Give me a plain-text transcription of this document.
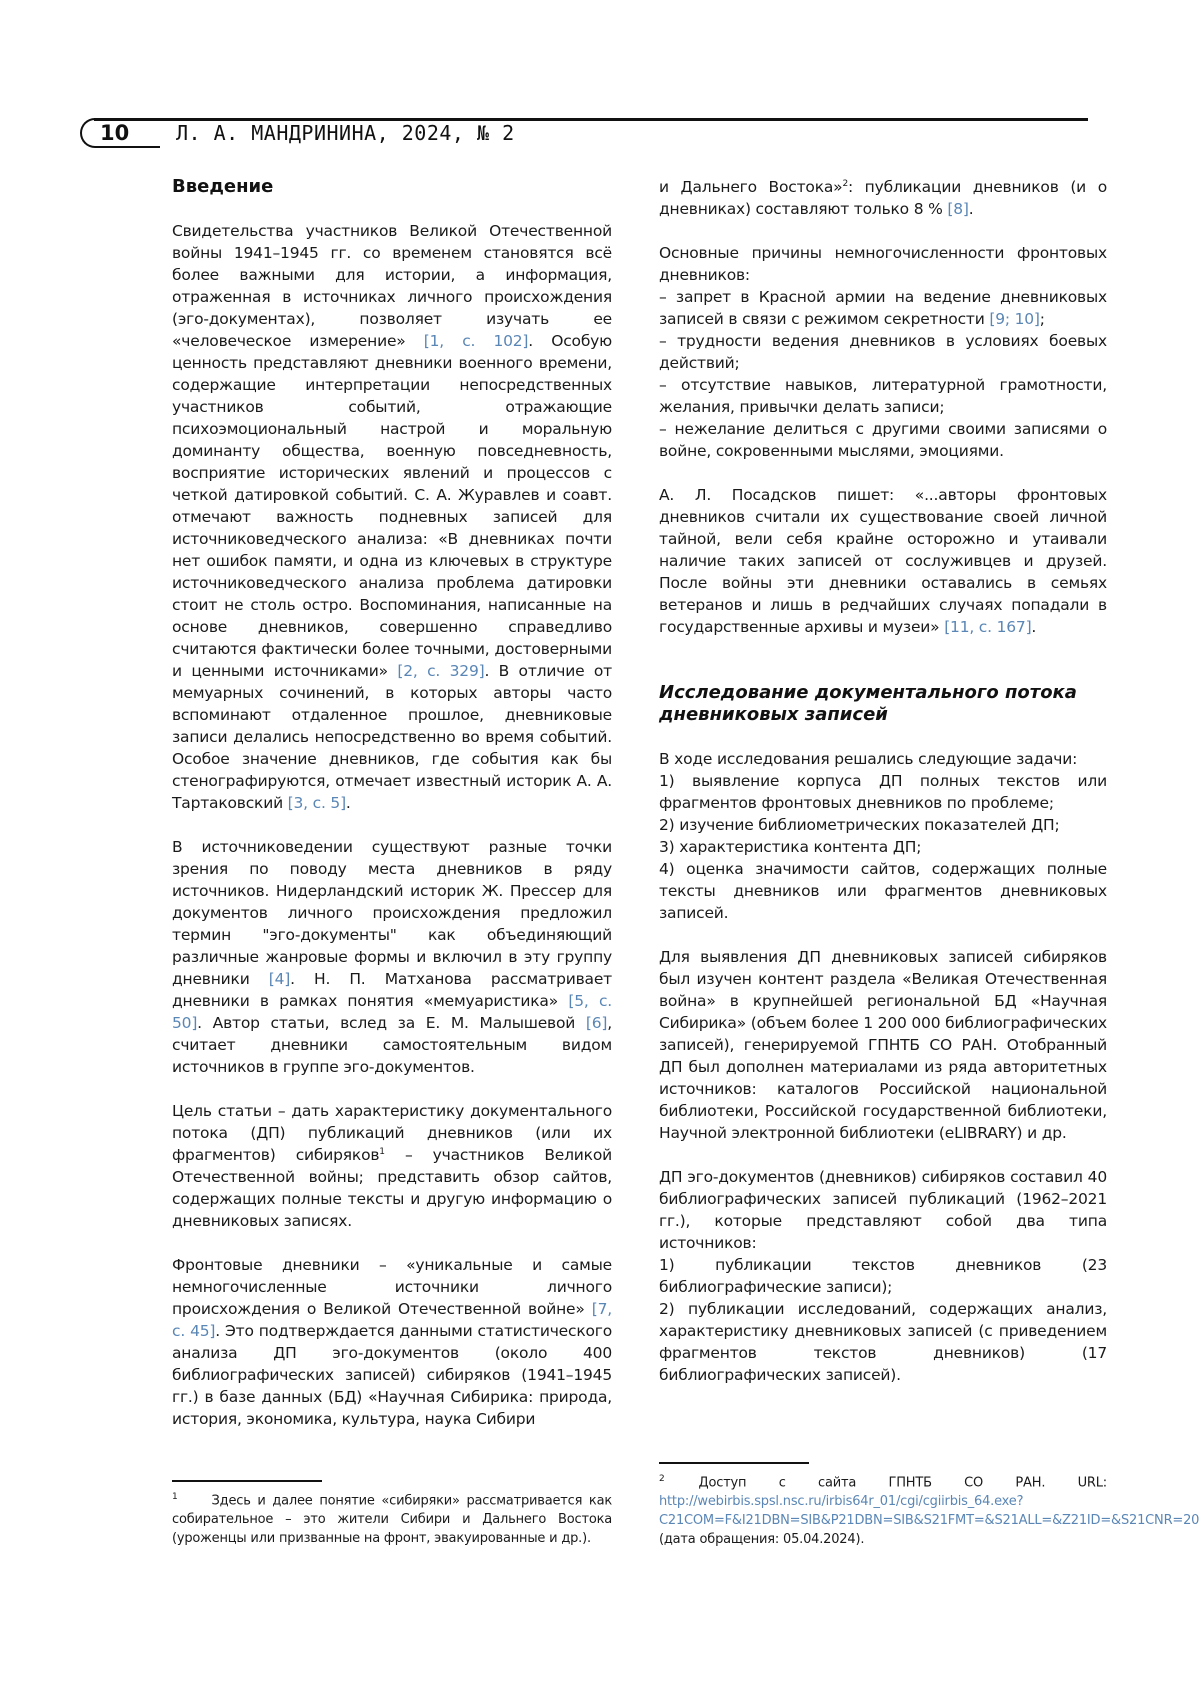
10 Л. А. МАНДРИНИНА, 2024, № 2
Введение

Свидетельства участников Великой Отечественной войны 1941–1945 гг. со временем становятся всё более важными для истории, а информация, отраженная в источниках личного происхождения (эго-документах), позволяет изучать ее «человеческое измерение» [1, с. 102]. Особую ценность представляют дневники военного времени, содержащие интерпретации непосредственных участников событий, отражающие психоэмоциональный настрой и моральную доминанту общества, военную повседневность, восприятие исторических явлений и процессов с четкой датировкой событий. С. А. Журавлев и соавт. отмечают важность подневных записей для источниковедческого анализа: «В дневниках почти нет ошибок памяти, и одна из ключевых в структуре источниковедческого анализа проблема датировки стоит не столь остро. Воспоминания, написанные на основе дневников, совершенно справедливо считаются фактически более точными, достоверными и ценными источниками» [2, с. 329]. В отличие от мемуарных сочинений, в которых авторы часто вспоминают отдаленное прошлое, дневниковые записи делались непосредственно во время событий. Особое значение дневников, где события как бы стенографируются, отмечает известный историк А. А. Тартаковский [3, с. 5].

В источниковедении существуют разные точки зрения по поводу места дневников в ряду источников. Нидерландский историк Ж. Прессер для документов личного происхождения предложил термин "эго-документы" как объединяющий различные жанровые формы и включил в эту группу дневники [4]. Н. П. Матханова рассматривает дневники в рамках понятия «мемуаристика» [5, с. 50]. Автор статьи, вслед за Е. М. Малышевой [6], считает дневники самостоятельным видом источников в группе эго-документов.

Цель статьи – дать характеристику документального потока (ДП) публикаций дневников (или их фрагментов) сибиряков$^1$ – участников Великой Отечественной войны; представить обзор сайтов, содержащих полные тексты и другую информацию о дневниковых записях.

Фронтовые дневники – «уникальные и самые немногочисленные источники личного происхождения о Великой Отечественной войне» [7, с. 45]. Это подтверждается данными статистического анализа ДП эго-документов (около 400 библиографических записей) сибиряков (1941–1945 гг.) в базе данных (БД) «Научная Сибирика: природа, история, экономика, культура, наука Сибири

$^1$	Здесь и далее понятие «сибиряки» рассматривается как собирательное – это жители Сибири и Дальнего Востока (уроженцы или призванные на фронт, эвакуированные и др.).

и Дальнего Востока»$^2$: публикации дневников (и о дневниках) составляют только 8 % [8].

Основные причины немногочисленности фронтовых дневников:

– запрет в Красной армии на ведение дневниковых записей в связи с режимом секретности [9; 10];

– трудности ведения дневников в условиях боевых действий;

– отсутствие навыков, литературной грамотности, желания, привычки делать записи;

– нежелание делиться с другими своими записями о войне, сокровенными мыслями, эмоциями.

А. Л. Посадсков пишет: «...авторы фронтовых дневников считали их существование своей личной тайной, вели себя крайне осторожно и утаивали наличие таких записей от сослуживцев и друзей. После войны эти дневники оставались в семьях ветеранов и лишь в редчайших случаях попадали в государственные архивы и музеи» [11, с. 167].

Исследование документального потока дневниковых записей

В ходе исследования решались следующие задачи:

1) выявление корпуса ДП полных текстов или фрагментов фронтовых дневников по проблеме;

2) изучение библиометрических показателей ДП;

3) характеристика контента ДП;

4) оценка значимости сайтов, содержащих полные тексты дневников или фрагментов дневниковых записей.

Для выявления ДП дневниковых записей сибиряков был изучен контент раздела «Великая Отечественная война» в крупнейшей региональной БД «Научная Сибирика» (объем более 1 200 000 библиографических записей), генерируемой ГПНТБ СО РАН. Отобранный ДП был дополнен материалами из ряда авторитетных источников: каталогов Российской национальной библиотеки, Российской государственной библиотеки, Научной электронной библиотеки (eLIBRARY) и др.

ДП эго-документов (дневников) сибиряков составил 40 библиографических записей публикаций (1962–2021 гг.), которые представляют собой два типа источников:

1) публикации текстов дневников (23 библиографические записи);

2) публикации исследований, содержащих анализ, характеристику дневниковых записей (с приведением фрагментов текстов дневников) (17 библиографических записей).

$^2$	Доступ с сайта ГПНТБ СО РАН. URL: http://webirbis.spsl.nsc.ru/irbis64r_01/cgi/cgiirbis_64.exe?C21COM=F&I21DBN=SIB&P21DBN=SIB&S21FMT=&S21ALL=&Z21ID=&S21CNR=20 (дата обращения: 05.04.2024).
